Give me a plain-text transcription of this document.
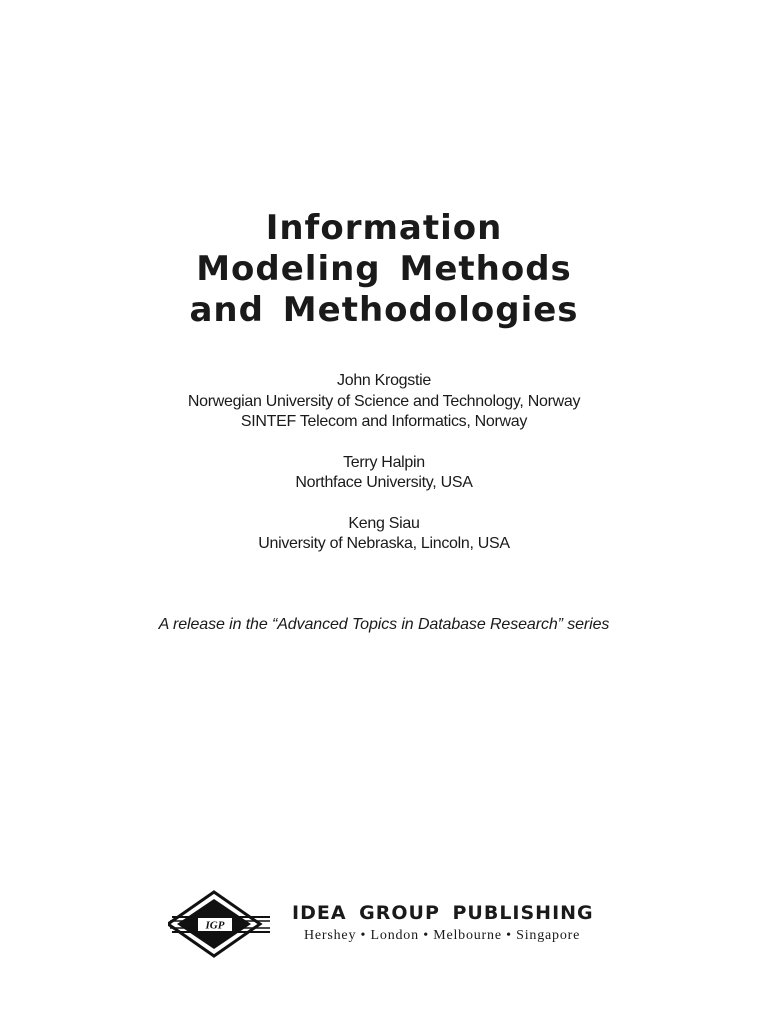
Information
Modeling Methods
and Methodologies
John Krogstie
Norwegian University of Science and Technology, Norway
SINTEF Telecom and Informatics, Norway
Terry Halpin
Northface University, USA
Keng Siau
University of Nebraska, Lincoln, USA
A release in the “Advanced Topics in Database Research” series
IGP
IDEA GROUP PUBLISHING
Hershey • London • Melbourne • Singapore
